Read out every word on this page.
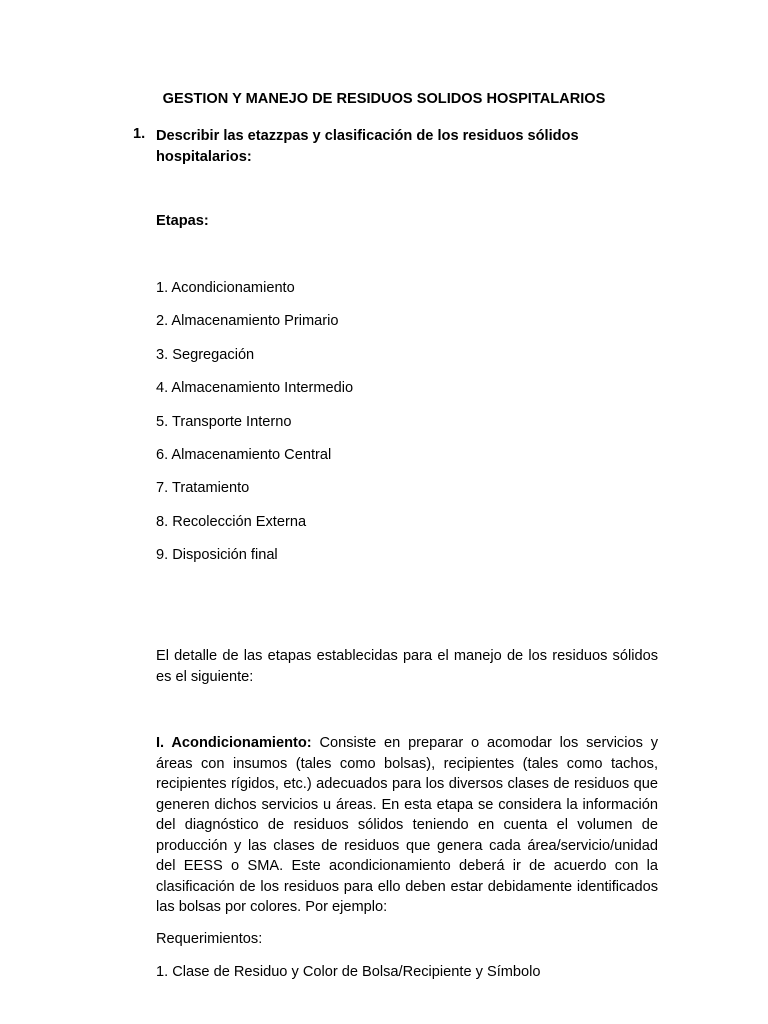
GESTION Y MANEJO DE RESIDUOS SOLIDOS HOSPITALARIOS
1. Describir las etazzpas y clasificación de los residuos sólidos hospitalarios:
Etapas:
1. Acondicionamiento
2. Almacenamiento Primario
3. Segregación
4. Almacenamiento Intermedio
5. Transporte Interno
6. Almacenamiento Central
7. Tratamiento
8. Recolección Externa
9. Disposición final
El detalle de las etapas establecidas para el manejo de los residuos sólidos es el siguiente:
I. Acondicionamiento: Consiste en preparar o acomodar los servicios y áreas con insumos (tales como bolsas), recipientes (tales como tachos, recipientes rígidos, etc.) adecuados para los diversos clases de residuos que generen dichos servicios u áreas. En esta etapa se considera la información del diagnóstico de residuos sólidos teniendo en cuenta el volumen de producción y las clases de residuos que genera cada área/servicio/unidad del EESS o SMA. Este acondicionamiento deberá ir de acuerdo con la clasificación de los residuos para ello deben estar debidamente identificados las bolsas por colores. Por ejemplo:
Requerimientos:
1. Clase de Residuo y Color de Bolsa/Recipiente y Símbolo
